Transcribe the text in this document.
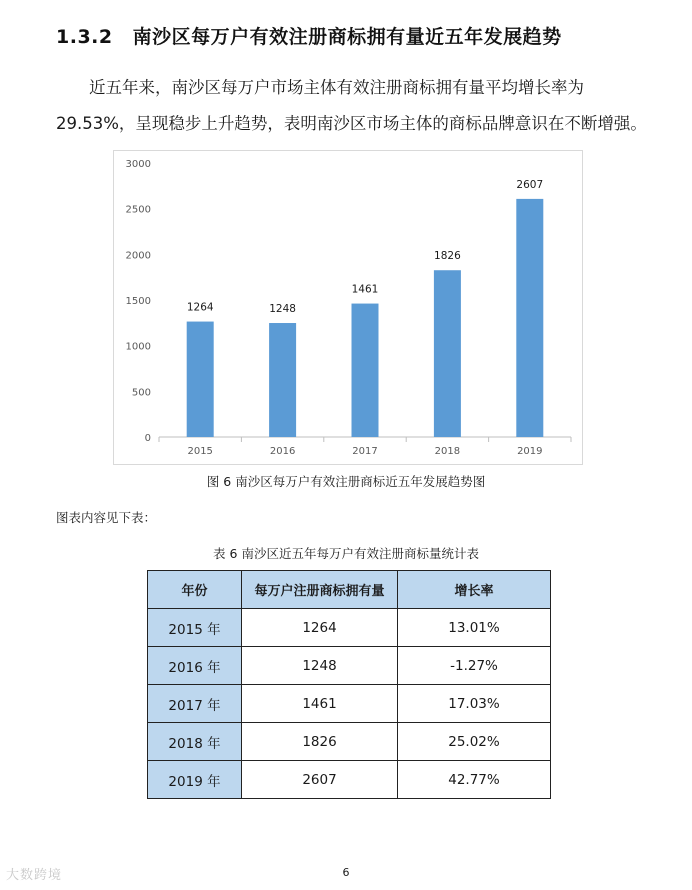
1.3.2 南沙区每万户有效注册商标拥有量近五年发展趋势

近五年来，南沙区每万户市场主体有效注册商标拥有量平均增长率为
29.53%，呈现稳步上升趋势，表明南沙区市场主体的商标品牌意识在不断增强。

0
500
1000
1500
2000
2500
3000
1264
2015
1248
2016
1461
2017
1826
2018
2607
2019
图 6 南沙区每万户有效注册商标近五年发展趋势图
图表内容见下表：
表 6 南沙区近五年每万户有效注册商标量统计表
年份	每万户注册商标拥有量	增长率
2015 年	1264	13.01%
2016 年	1248	-1.27%
2017 年	1461	17.03%
2018 年	1826	25.02%
2019 年	2607	42.77%
6
大数跨境
